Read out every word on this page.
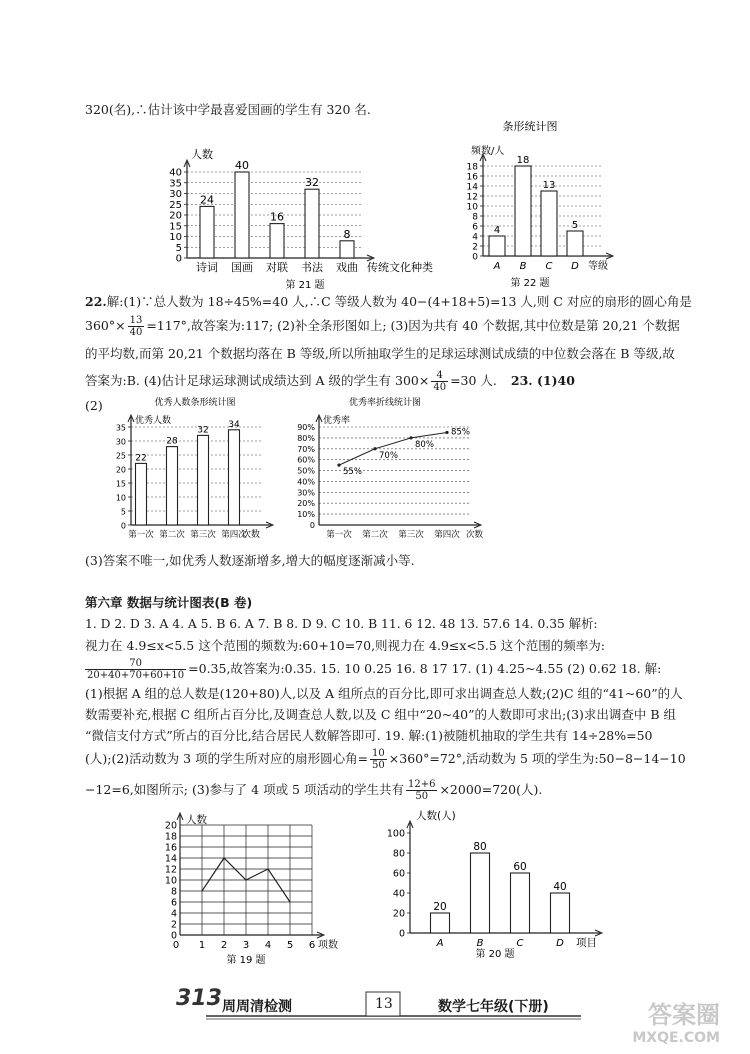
320(名),∴估计该中学最喜爱国画的学生有 320 名.
22.解:(1)∵总人数为 18÷45%=40 人,∴C 等级人数为 40−(4+18+5)=13 人,则 C 对应的扇形的圆心角是
$360^\circ\times \frac{13}{40} =117^\circ$,故答案为:117; (2)补全条形图如上; (3)因为共有 40 个数据,其中位数是第 20,21 个数据
的平均数,而第 20,21 个数据均落在 B 等级,所以所抽取学生的足球运球测试成绩的中位数会落在 B 等级,故
答案为:B. (4)估计足球运球测试成绩达到 A 级的学生有 $300\times \frac{4}{40} =30$ 人. 23. (1)40
(2)
(3)答案不唯一,如优秀人数逐渐增多,增大的幅度逐渐减小等.
第六章 数据与统计图表(B 卷)
1. D 2. D 3. A 4. A 5. B 6. A 7. B 8. D 9. C 10. B 11. 6 12. 48 13. 57.6 14. 0.35 解析:
视力在 4.9≤x<5.5 这个范围的频数为:60+10=70,则视力在 4.9≤x<5.5 这个范围的频率为:
$\frac{70}{20+40+70+60+10} =0.35$,故答案为:0.35. 15. 10 0.25 16. 8 17 17. (1) 4.25~4.55 (2) 0.62 18. 解:
(1)根据 A 组的总人数是(120+80)人,以及 A 组所点的百分比,即可求出调查总人数;(2)C 组的“41~60”的人
数需要补充,根据 C 组所占百分比,及调查总人数,以及 C 组中“20~40”的人数即可求出;(3)求出调查中 B 组
“微信支付方式”所占的百分比,结合居民人数解答即可. 19. 解:(1)被随机抽取的学生共有 14÷28%=50
(人);(2)活动数为 3 项的学生所对应的扇形圆心角= $\frac{10}{50} \times 360^\circ=72^\circ$,活动数为 5 项的学生为:50−8−14−10
−12=6,如图所示; (3)参与了 4 项或 5 项活动的学生共有 $\frac{12+6}{50} \times 2000=720$(人).
0
5
10
15
20
25
30
35
40
人数
24
诗词
40
国画
16
对联
32
书法
8
戏曲 传统文化种类
第 21 题
条形统计图
0
2
4
6
8
10
12
14
16
18
频数/人
4
A
18
B
13
C
5
D 等级
第 22 题
优秀人数条形统计图
0
5
10
15
20
25
30
35
优秀人数
22
第一次
28
第二次
32
第三次
34
第四次
次数
优秀率折线统计图
0
10%
20%
30%
40%
50%
60%
70%
80%
90%
优秀率
55%
第一次
70%
第二次
80%
第三次
85%
第四次 次数
0
2
4
6
8
10
12
14
16
18
20
0 1 2 3 4 5 6 项数
人数
第 19 题
0
20
40
60
80
100
人数(人)
20
A
80
B
60
C
40
D 项目
第 20 题
313 周周清检测	13	数学七年级(下册)	答案圈
MXQE.COM
